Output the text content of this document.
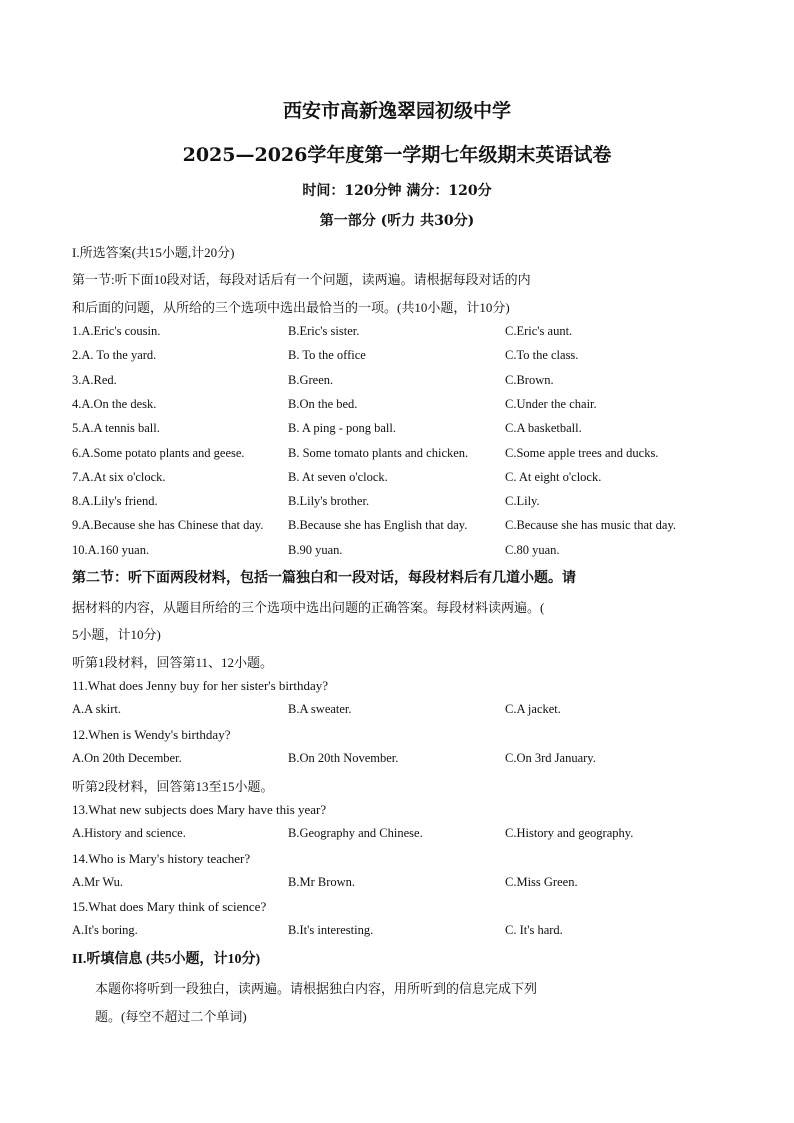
西安市高新逸翠园初级中学
2025—2026学年度第一学期七年级期末英语试卷
时间：120分钟 满分：120分
第一部分 (听力 共30分)
I.所选答案(共15小题,计20分)
第一节:听下面10段对话，每段对话后有一个问题，读两遍。请根据每段对话的内
和后面的问题，从所给的三个选项中选出最恰当的一项。(共10小题，计10分)
1.A.Eric's cousin.	B.Eric's sister.	C.Eric's aunt.
2.A. To the yard.	B. To the office	C.To the class.
3.A.Red.	B.Green.	C.Brown.
4.A.On the desk.	B.On the bed.	C.Under the chair.
5.A.A tennis ball.	B. A ping - pong ball.	C.A basketball.
6.A.Some potato plants and geese.	B. Some tomato plants and chicken.	C.Some apple trees and ducks.
7.A.At six o'clock.	B. At seven o'clock.	C. At eight o'clock.
8.A.Lily's friend.	B.Lily's brother.	C.Lily.
9.A.Because she has Chinese that day. B.Because she has English that day.	C.Because she has music that day.
10.A.160 yuan.	B.90 yuan.	C.80 yuan.
第二节：听下面两段材料，包括一篇独白和一段对话，每段材料后有几道小题。请
据材料的内容，从题目所给的三个选项中选出问题的正确答案。每段材料读两遍。(
5小题，计10分)
听第1段材料，回答第11、12小题。
11.What does Jenny buy for her sister's birthday?
A.A skirt.	B.A sweater.	C.A jacket.
12.When is Wendy's birthday?
A.On 20th December.	B.On 20th November.	C.On 3rd January.
听第2段材料，回答第13至15小题。
13.What new subjects does Mary have this year?
A.History and science.	B.Geography and Chinese.	C.History and geography.
14.Who is Mary's history teacher?
A.Mr Wu.	B.Mr Brown.	C.Miss Green.
15.What does Mary think of science?
A.It's boring.	B.It's interesting.	C. It's hard.
II.听填信息 (共5小题，计10分)
本题你将听到一段独白，读两遍。请根据独白内容，用所听到的信息完成下列
题。(每空不超过二个单词)
